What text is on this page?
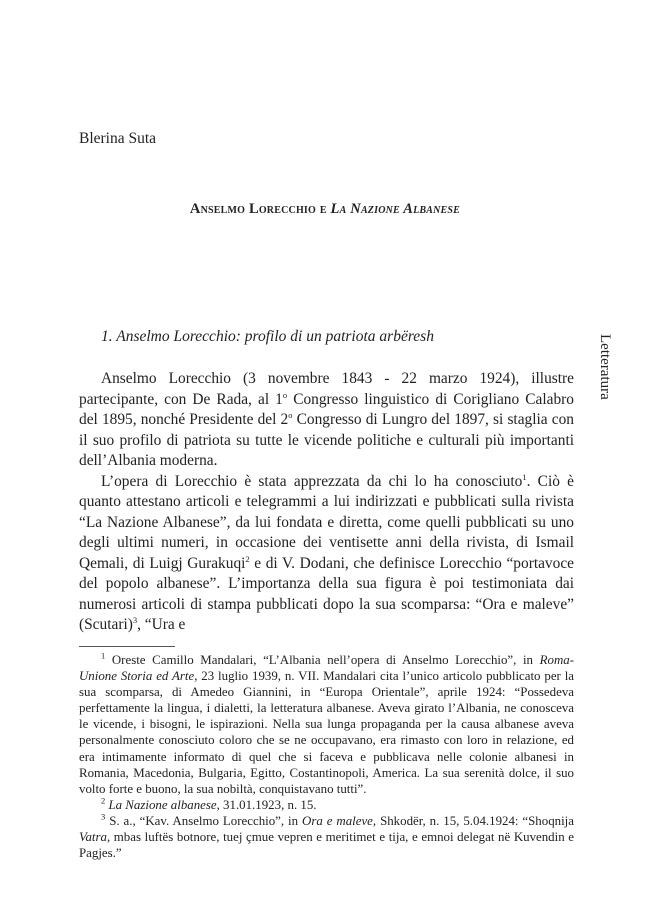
Blerina Suta
Anselmo Lorecchio e La Nazione Albanese
Letteratura
1. Anselmo Lorecchio: profilo di un patriota arbëresh

Anselmo Lorecchio (3 novembre 1843 - 22 marzo 1924), illustre partecipante, con De Rada, al 1$^o$ Congresso linguistico di Corigliano Calabro del 1895, nonché Presidente del 2$^o$ Congresso di Lungro del 1897, si staglia con il suo profilo di patriota su tutte le vicende politiche e culturali più importanti dell’Albania moderna.

L’opera di Lorecchio è stata apprezzata da chi lo ha conosciuto$^1$. Ciò è quanto attestano articoli e telegrammi a lui indirizzati e pubblicati sulla rivista “La Nazione Albanese”, da lui fondata e diretta, come quelli pubblicati su uno degli ultimi numeri, in occasione dei ventisette anni della rivista, di Ismail Qemali, di Luigj Gurakuqi$^2$ e di V. Dodani, che definisce Lorecchio “portavoce del popolo albanese”. L’importanza della sua figura è poi testimoniata dai numerosi articoli di stampa pubblicati dopo la sua scomparsa: “Ora e maleve” (Scutari)$^3$, “Ura e

$^1$ Oreste Camillo Mandalari, “L’Albania nell’opera di Anselmo Lorecchio”, in Roma-Unione Storia ed Arte, 23 luglio 1939, n. VII. Mandalari cita l’unico articolo pubblicato per la sua scomparsa, di Amedeo Giannini, in “Europa Orientale”, aprile 1924: “Possedeva perfettamente la lingua, i dialetti, la letteratura albanese. Aveva girato l’Albania, ne conosceva le vicende, i bisogni, le ispirazioni. Nella sua lunga propaganda per la causa albanese aveva personalmente conosciuto coloro che se ne occupavano, era rimasto con loro in relazione, ed era intimamente informato di quel che si faceva e pubblicava nelle colonie albanesi in Romania, Macedonia, Bulgaria, Egitto, Costantinopoli, America. La sua serenità dolce, il suo volto forte e buono, la sua nobiltà, conquistavano tutti”.

$^2$ La Nazione albanese, 31.01.1923, n. 15.

$^3$ S. a., “Kav. Anselmo Lorecchio”, in Ora e maleve, Shkodër, n. 15, 5.04.1924: “Shoqnija Vatra, mbas luftës botnore, tuej çmue vepren e meritimet e tija, e emnoi delegat në Kuvendin e Pagjes.”
